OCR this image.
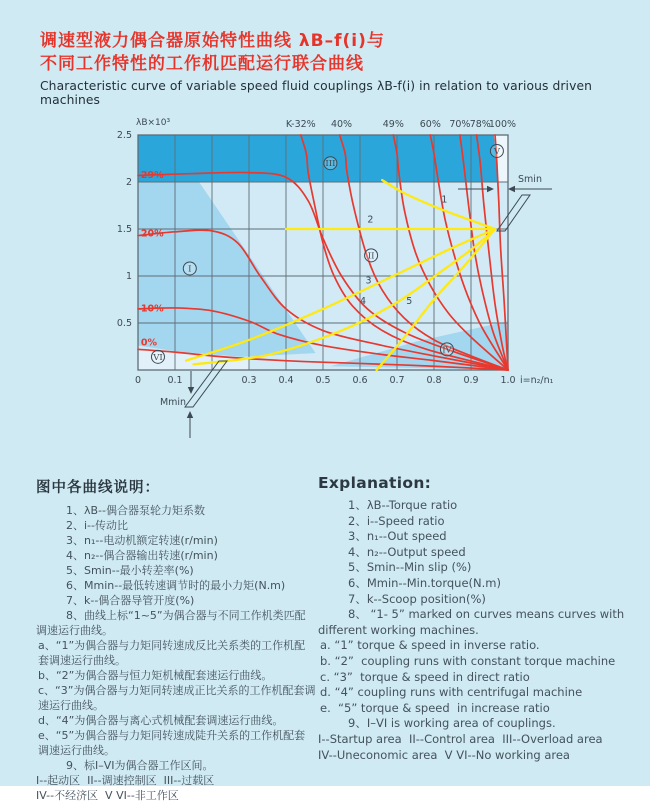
调速型液力偶合器原始特性曲线 λB–f(i)与
不同工作特性的工作机匹配运行联合曲线
Characteristic curve of variable speed fluid couplings λB-f(i) in relation to various driven machines
0%
10%
20%
29%
1
2
3
4	5
K-32% 40%	49% 60% 70% 78%
100%
0.5
1
1.5
2
2.5
0	0.1	0.3 0.4 0.5 0.6 0.7 0.8 0.9 1.0
λB×10³
i=n₂/n₁
I
II
III
IV
V
VI
Smin
Mmin
图中各曲线说明：
1、λB--偶合器泵轮力矩系数
2、i--传动比
3、n₁--电动机额定转速(r/min)
4、n₂--偶合器输出转速(r/min)
5、Smin--最小转差率(%)
6、Mmin--最低转速调节时的最小力矩(N.m)
7、k--偶合器导管开度(%)
8、曲线上标“1~5”为偶合器与不同工作机类匹配调速运行曲线。
a、“1”为偶合器与力矩同转速成反比关系类的工作机配套调速运行曲线。
b、“2”为偶合器与恒力矩机械配套速运行曲线。
c、“3”为偶合器与力矩同转速成正比关系的工作机配套调速运行曲线。
d、“4”为偶合器与离心式机械配套调速运行曲线。
e、“5”为偶合器与力矩同转速成陡升关系的工作机配套调速运行曲线。
9、标I–VI为偶合器工作区间。
I--起动区  II--调速控制区  III--过载区
IV--不经济区  V VI--非工作区
Explanation:
1、λB--Torque ratio
2、i--Speed ratio
3、n₁--Out speed
4、n₂--Output speed
5、Smin--Min slip (%)
6、Mmin--Min.torque(N.m)
7、k--Scoop position(%)
8、 “1- 5” marked on curves means curves with different working machines.
a. “1” torque & speed in inverse ratio.
b. “2”  coupling runs with constant torque machine
c. “3”  torque & speed in direct ratio
d. “4” coupling runs with centrifugal machine
e.  “5” torque & speed  in increase ratio
9、I–VI is working area of couplings.
I--Startup area  II--Control area  III--Overload area
IV--Uneconomic area  V VI--No working area
